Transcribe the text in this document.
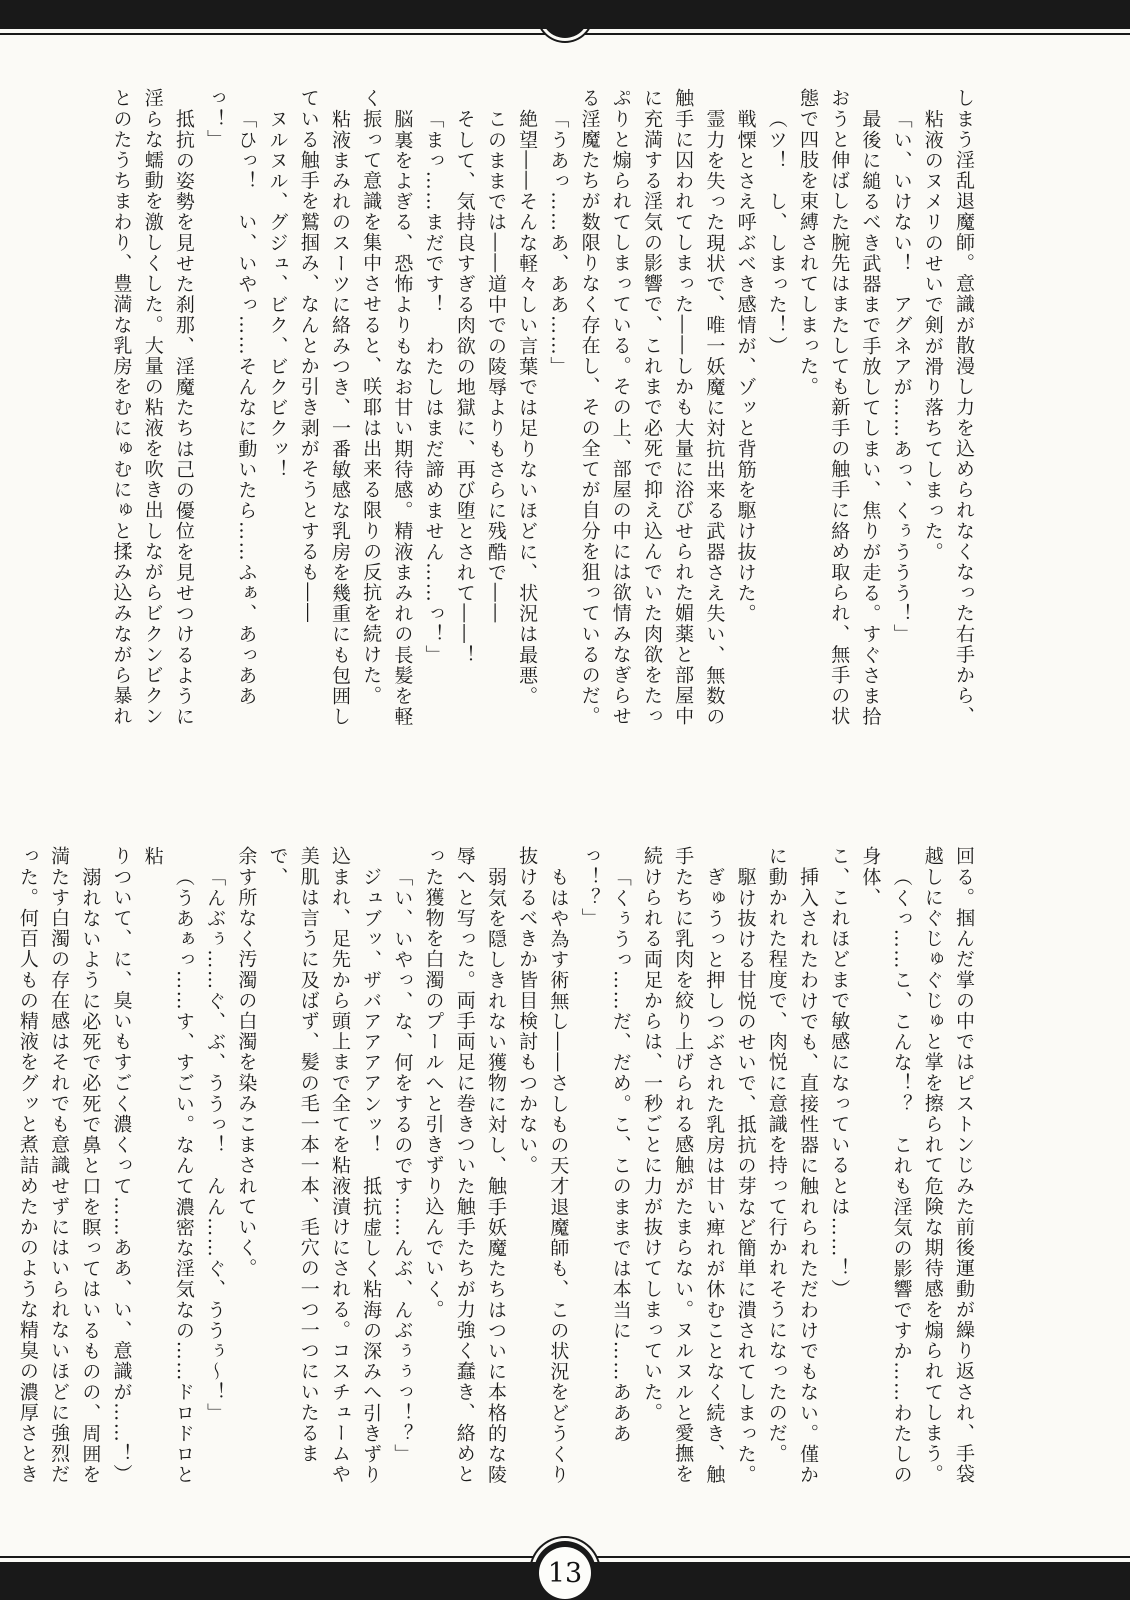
しまう淫乱退魔師。意識が散漫し力を込められなくなった右手から、

粘液のヌメリのせいで剣が滑り落ちてしまった。

「い、いけない！　アグネアが……あっ、くぅううう！」

最後に縋るべき武器まで手放してしまい、焦りが走る。すぐさま拾

おうと伸ばした腕先はまたしても新手の触手に絡め取られ、無手の状

態で四肢を束縛されてしまった。

（ツ！　し、しまった！）

戦慄とさえ呼ぶべき感情が、ゾッと背筋を駆け抜けた。

霊力を失った現状で、唯一妖魔に対抗出来る武器さえ失い、無数の

触手に囚われてしまった――しかも大量に浴びせられた媚薬と部屋中

に充満する淫気の影響で、これまで必死で抑え込んでいた肉欲をたっ

ぷりと煽られてしまっている。その上、部屋の中には欲情みなぎらせ

る淫魔たちが数限りなく存在し、その全てが自分を狙っているのだ。

「うあっ……あ、ああ……」

絶望――そんな軽々しい言葉では足りないほどに、状況は最悪。

このままでは――道中での陵辱よりもさらに残酷で――

そして、気持良すぎる肉欲の地獄に、再び堕とされて――！

「まっ……まだです！　わたしはまだ諦めません……っ！」

脳裏をよぎる、恐怖よりもなお甘い期待感。精液まみれの長髪を軽

く振って意識を集中させると、咲耶は出来る限りの反抗を続けた。

粘液まみれのスーツに絡みつき、一番敏感な乳房を幾重にも包囲し

ている触手を鷲掴み、なんとか引き剥がそうとするも――

ヌルヌル、グジュ、ビク、ビクビクッ！

「ひっ！　い、いやっ……そんなに動いたら……ふぁ、あっああっ！」

抵抗の姿勢を見せた刹那、淫魔たちは己の優位を見せつけるように

淫らな蠕動を激しくした。大量の粘液を吹き出しながらビクンビクン

とのたうちまわり、豊満な乳房をむにゅむにゅと揉み込みながら暴れ

回る。掴んだ掌の中ではピストンじみた前後運動が繰り返され、手袋

越しにぐじゅぐじゅと掌を擦られて危険な期待感を煽られてしまう。

（くっ……こ、こんな！？　これも淫気の影響ですか……わたしの身体、

こ、これほどまで敏感になっているとは……！）

挿入されたわけでも、直接性器に触れられただわけでもない。僅か

に動かれた程度で、肉悦に意識を持って行かれそうになったのだ。

駆け抜ける甘悦のせいで、抵抗の芽など簡単に潰されてしまった。

ぎゅうっと押しつぶされた乳房は甘い痺れが休むことなく続き、触

手たちに乳肉を絞り上げられる感触がたまらない。ヌルヌルと愛撫を

続けられる両足からは、一秒ごとに力が抜けてしまっていた。

「くぅうっ……だ、だめ。こ、このままでは本当に……あああっ！？」

もはや為す術無し――さしもの天才退魔師も、この状況をどうくり

抜けるべきか皆目検討もつかない。

弱気を隠しきれない獲物に対し、触手妖魔たちはついに本格的な陵

辱へと写った。両手両足に巻きついた触手たちが力強く蠢き、絡めと

った獲物を白濁のプールへと引きずり込んでいく。

「い、いやっ、な、何をするのです……んぶ、んぶぅぅっ！？」

ジュブッ、ザバアアアアンッ！　抵抗虚しく粘海の深みへ引きずり

込まれ、足先から頭上まで全てを粘液漬けにされる。コスチュームや

美肌は言うに及ばず、髪の毛一本一本、毛穴の一つ一つにいたるまで、

余す所なく汚濁の白濁を染みこまされていく。

「んぶぅ……ぐ、ぶ、ううっ！　んん……ぐ、ううぅ〜！」

（うあぁっ……す、すごい。なんて濃密な淫気なの……ドロドロと粘

りついて、に、臭いもすごく濃くって……ああ、い、意識が……！）

溺れないように必死で必死で鼻と口を瞑ってはいるものの、周囲を

満たす白濁の存在感はそれでも意識せずにはいられないほどに強烈だ

った。何百人もの精液をグッと煮詰めたかのような精臭の濃厚さとき

13
